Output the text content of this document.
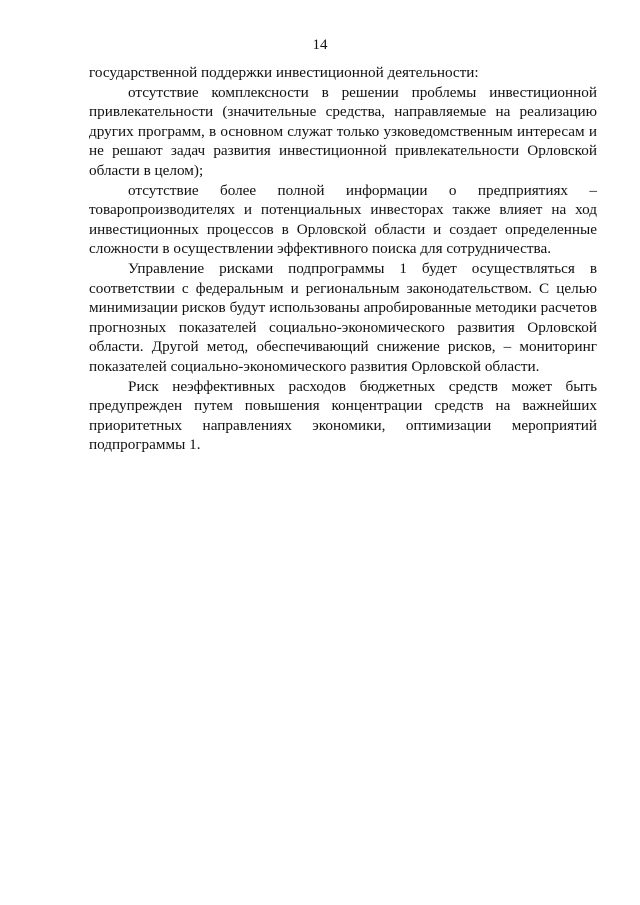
14

государственной поддержки инвестиционной деятельности:

отсутствие комплексности в решении проблемы инвестиционной привлекательности (значительные средства, направляемые на реализацию других программ, в основном служат только узковедомственным интересам и не решают задач развития инвестиционной привлекательности Орловской области в целом);

отсутствие более полной информации о предприятиях – товаропроизводителях и потенциальных инвесторах также влияет на ход инвестиционных процессов в Орловской области и создает определенные сложности в осуществлении эффективного поиска для сотрудничества.

Управление рисками подпрограммы 1 будет осуществляться в соответствии с федеральным и региональным законодательством. С целью минимизации рисков будут использованы апробированные методики расчетов прогнозных показателей социально-экономического развития Орловской области. Другой метод, обеспечивающий снижение рисков, – мониторинг показателей социально-экономического развития Орловской области.

Риск неэффективных расходов бюджетных средств может быть предупрежден путем повышения концентрации средств на важнейших приоритетных направлениях экономики, оптимизации мероприятий подпрограммы 1.
